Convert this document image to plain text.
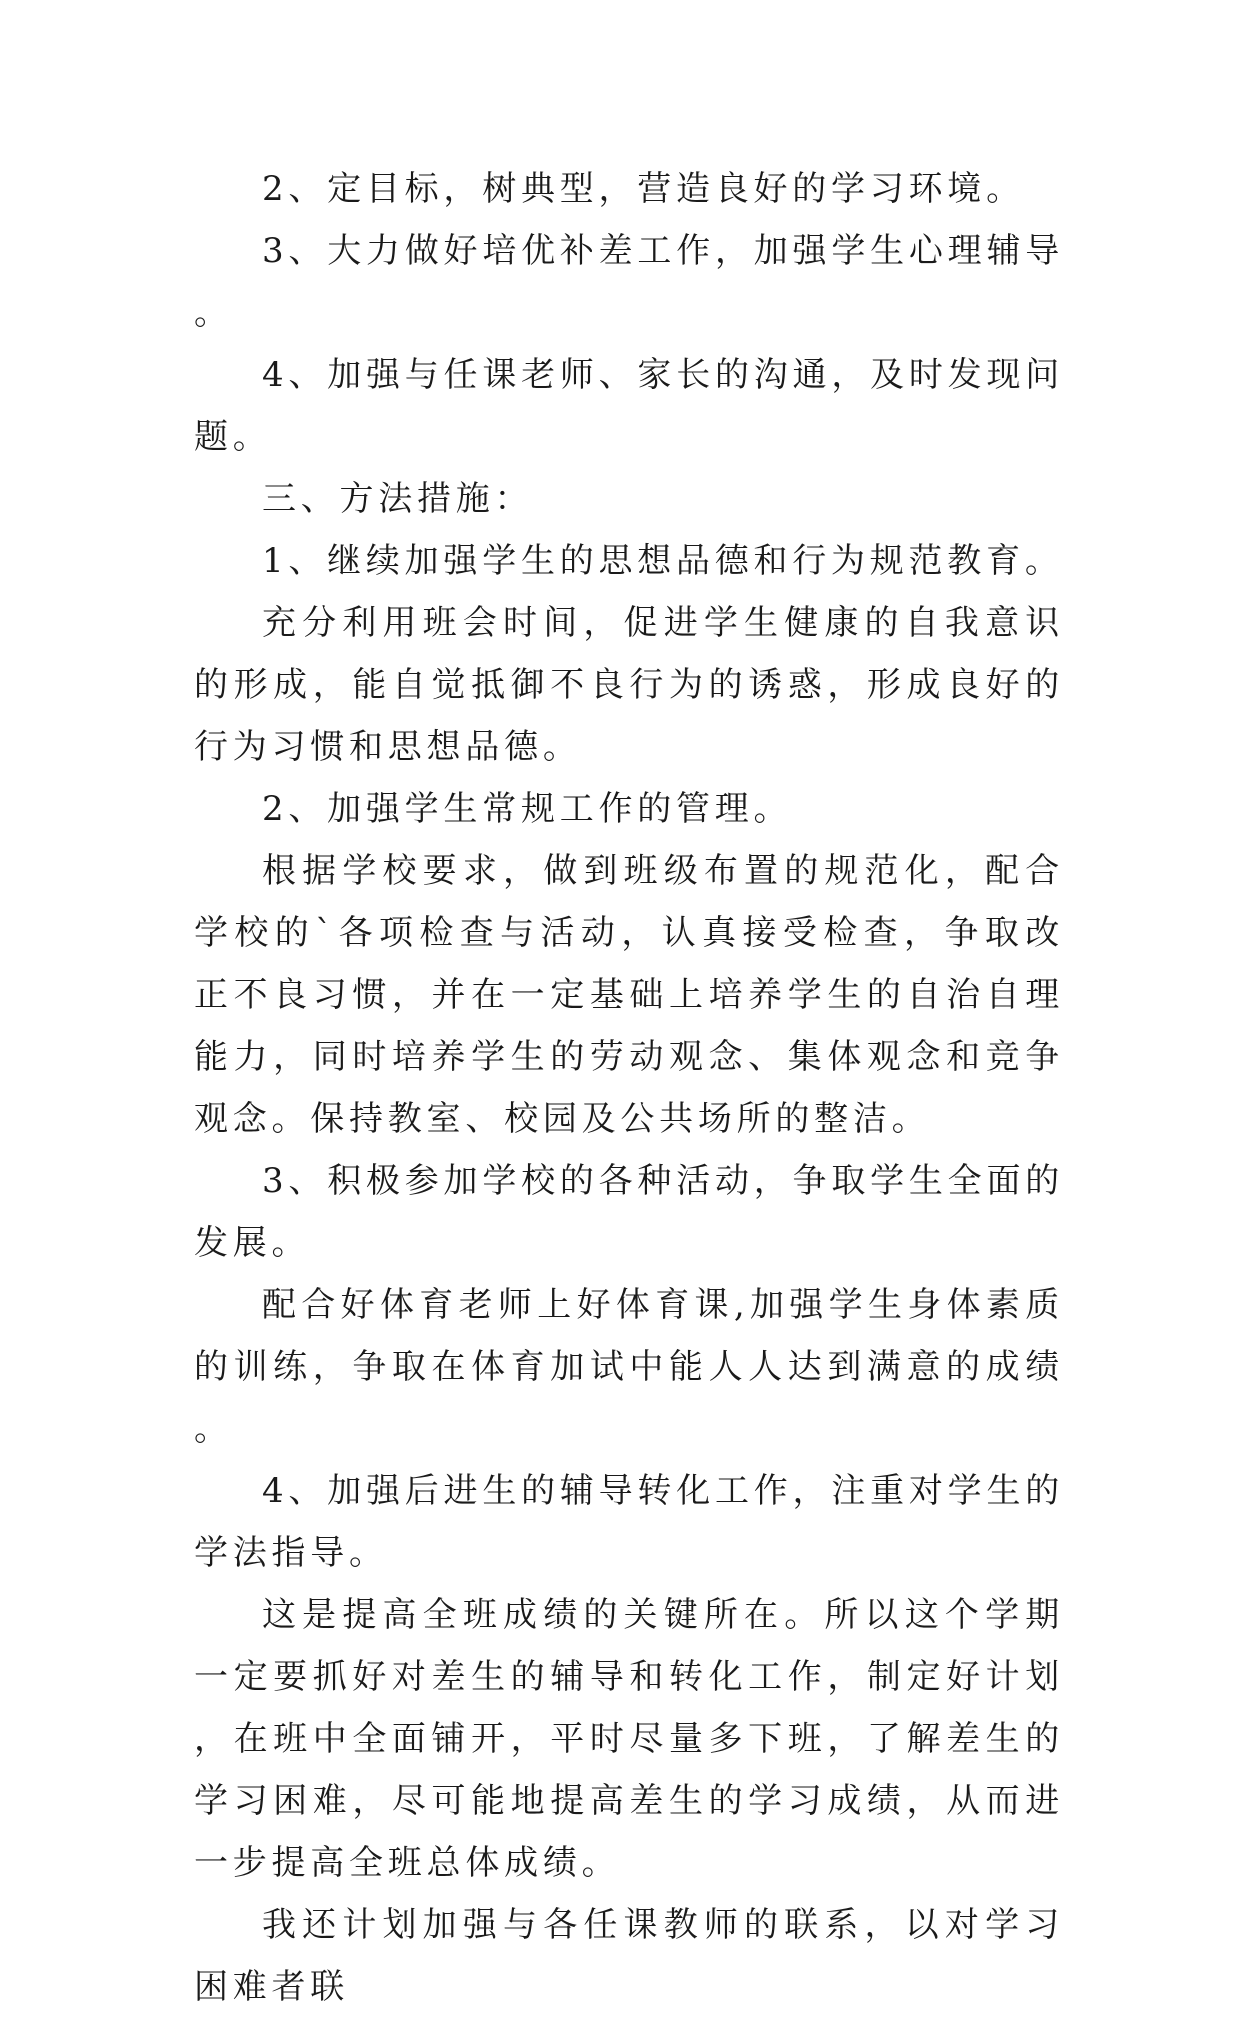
2、定目标，树典型，营造良好的学习环境。

3、大力做好培优补差工作，加强学生心理辅导。

4、加强与任课老师、家长的沟通，及时发现问题。

三、方法措施：

1、继续加强学生的思想品德和行为规范教育。

充分利用班会时间，促进学生健康的自我意识的形成，能自觉抵御不良行为的诱惑，形成良好的行为习惯和思想品德。

2、加强学生常规工作的管理。

根据学校要求，做到班级布置的规范化，配合学校的`各项检查与活动，认真接受检查，争取改正不良习惯，并在一定基础上培养学生的自治自理能力，同时培养学生的劳动观念、集体观念和竞争观念。保持教室、校园及公共场所的整洁。

3、积极参加学校的各种活动，争取学生全面的发展。

配合好体育老师上好体育课,加强学生身体素质的训练，争取在体育加试中能人人达到满意的成绩。

4、加强后进生的辅导转化工作，注重对学生的学法指导。

这是提高全班成绩的关键所在。所以这个学期一定要抓好对差生的辅导和转化工作，制定好计划，在班中全面铺开，平时尽量多下班，了解差生的学习困难，尽可能地提高差生的学习成绩，从而进一步提高全班总体成绩。

我还计划加强与各任课教师的联系，以对学习困难者联
